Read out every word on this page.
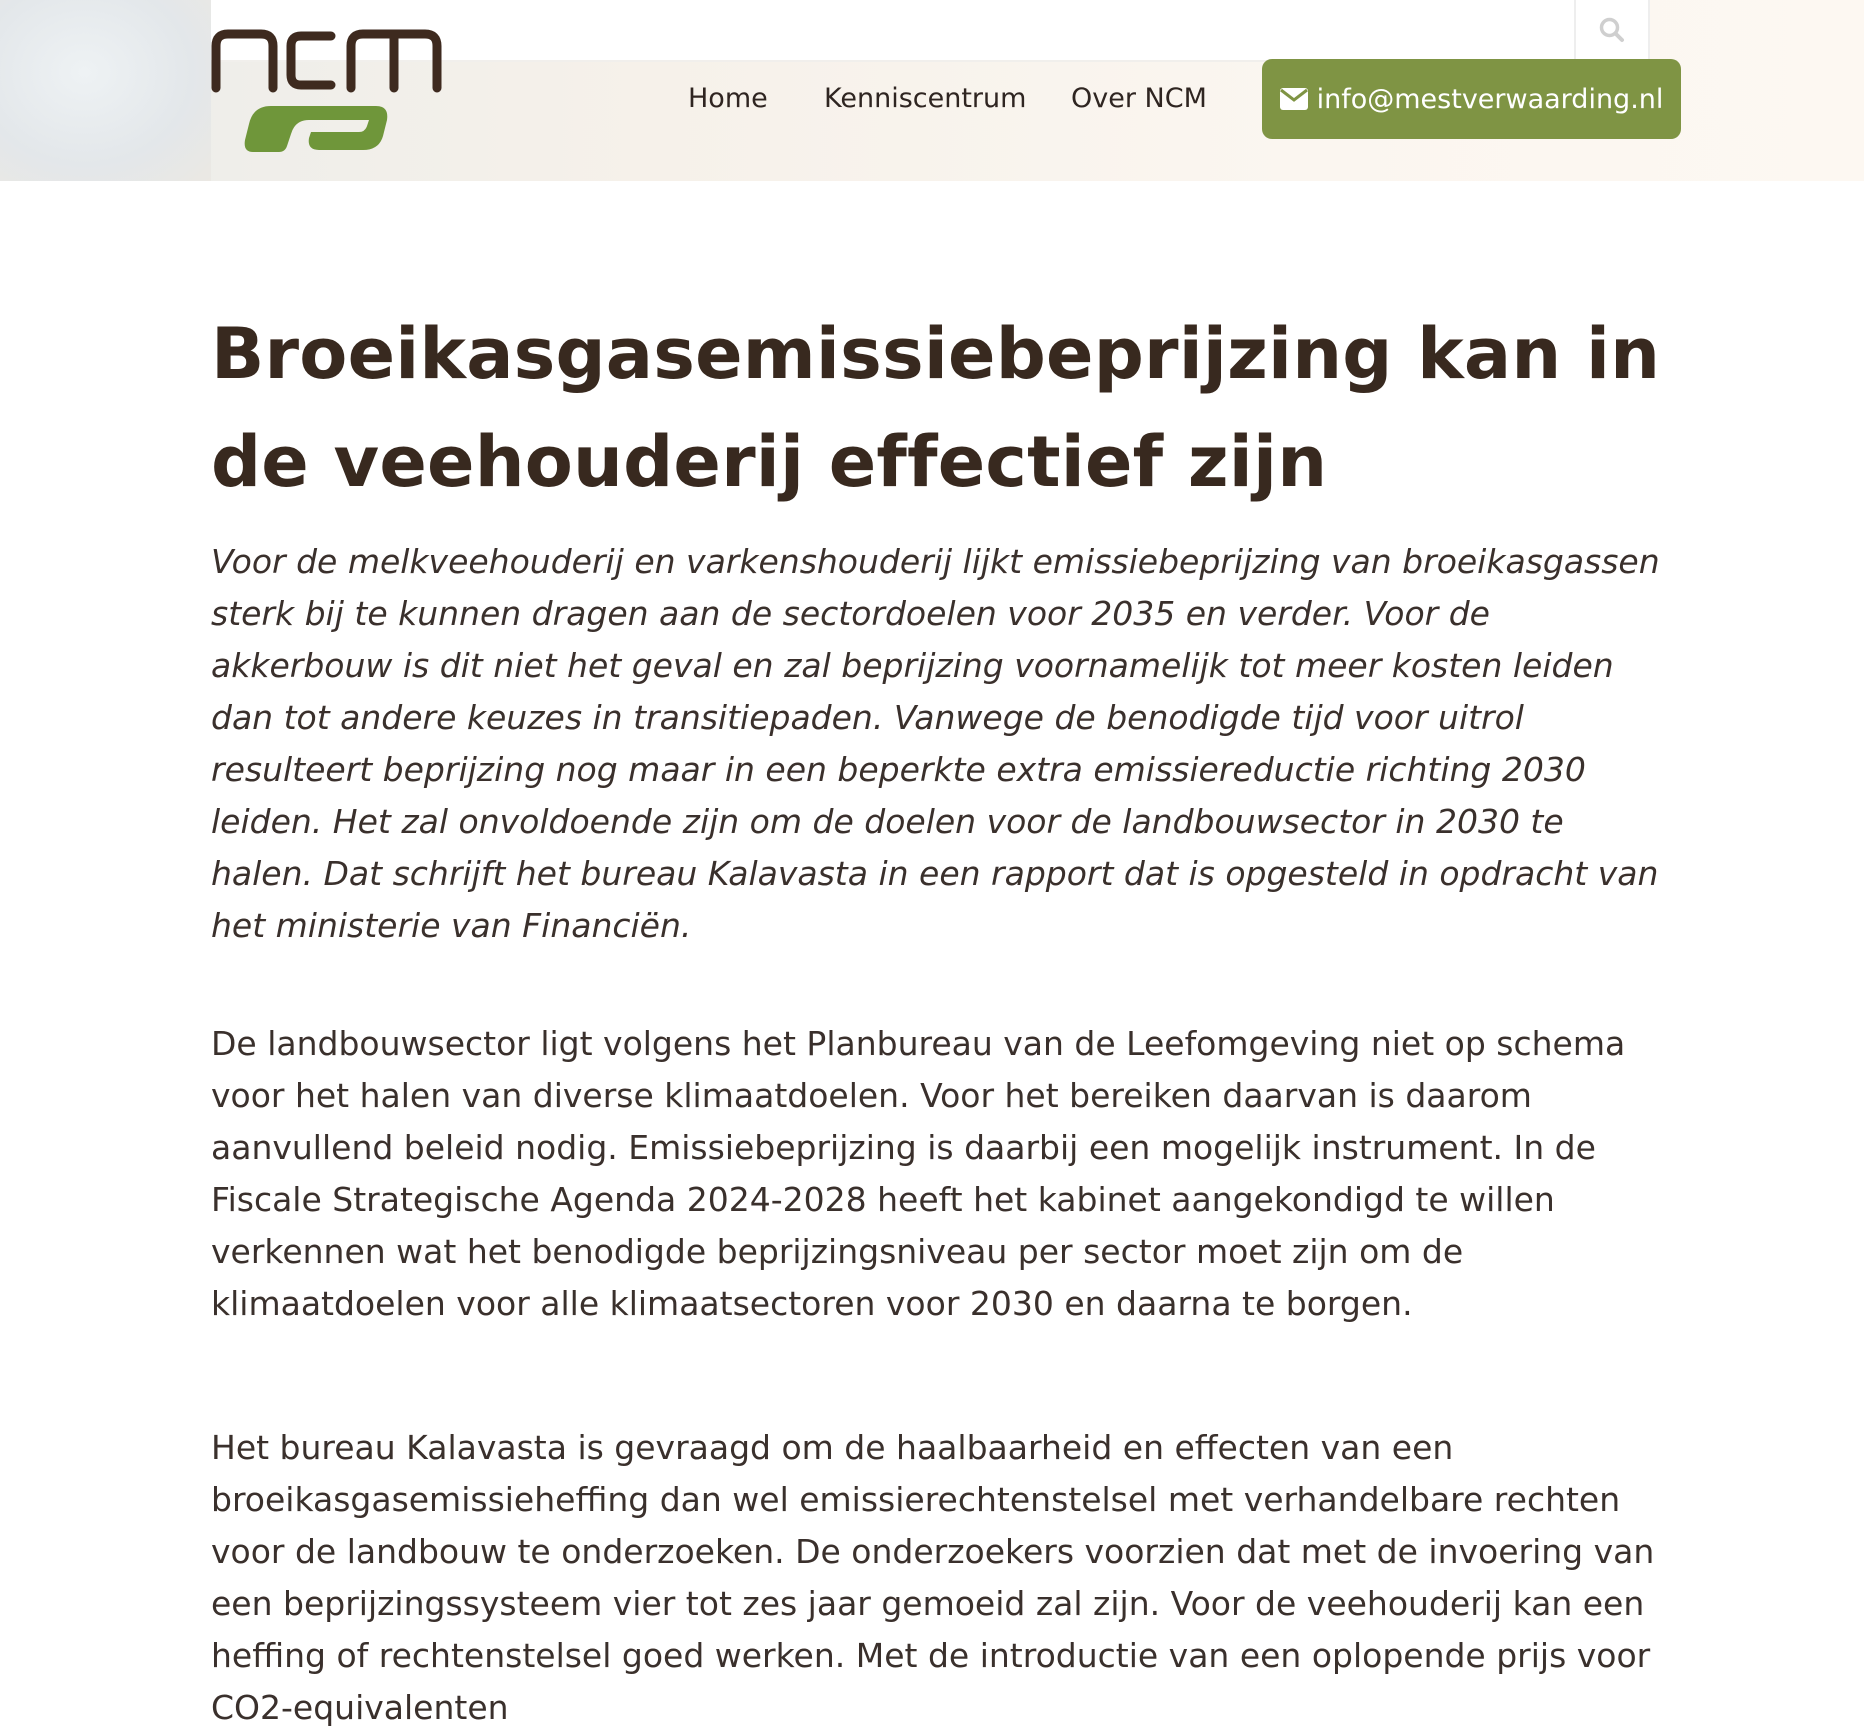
Home Kenniscentrum Over NCM	info@mestverwaarding.nl
Broeikasgasemissiebeprijzing kan in de veehouderij effectief zijn

Voor de melkveehouderij en varkenshouderij lijkt emissiebeprijzing van broeikasgassen sterk bij te kunnen dragen aan de sectordoelen voor 2035 en verder. Voor de akkerbouw is dit niet het geval en zal beprijzing voornamelijk tot meer kosten leiden dan tot andere keuzes in transitiepaden. Vanwege de benodigde tijd voor uitrol resulteert beprijzing nog maar in een beperkte extra emissiereductie richting 2030 leiden. Het zal onvoldoende zijn om de doelen voor de landbouwsector in 2030 te halen. Dat schrijft het bureau Kalavasta in een rapport dat is opgesteld in opdracht van het ministerie van Financiën.

De landbouwsector ligt volgens het Planbureau van de Leefomgeving niet op schema voor het halen van diverse klimaatdoelen. Voor het bereiken daarvan is daarom aanvullend beleid nodig. Emissiebeprijzing is daarbij een mogelijk instrument. In de Fiscale Strategische Agenda 2024-2028 heeft het kabinet aangekondigd te willen verkennen wat het benodigde beprijzingsniveau per sector moet zijn om de klimaatdoelen voor alle klimaatsectoren voor 2030 en daarna te borgen.

Het bureau Kalavasta is gevraagd om de haalbaarheid en effecten van een broeikasgasemissieheffing dan wel emissierechtenstelsel met verhandelbare rechten voor de landbouw te onderzoeken. De onderzoekers voorzien dat met de invoering van een beprijzingssysteem vier tot zes jaar gemoeid zal zijn. Voor de veehouderij kan een heffing of rechtenstelsel goed werken. Met de introductie van een oplopende prijs voor CO2-equivalenten
